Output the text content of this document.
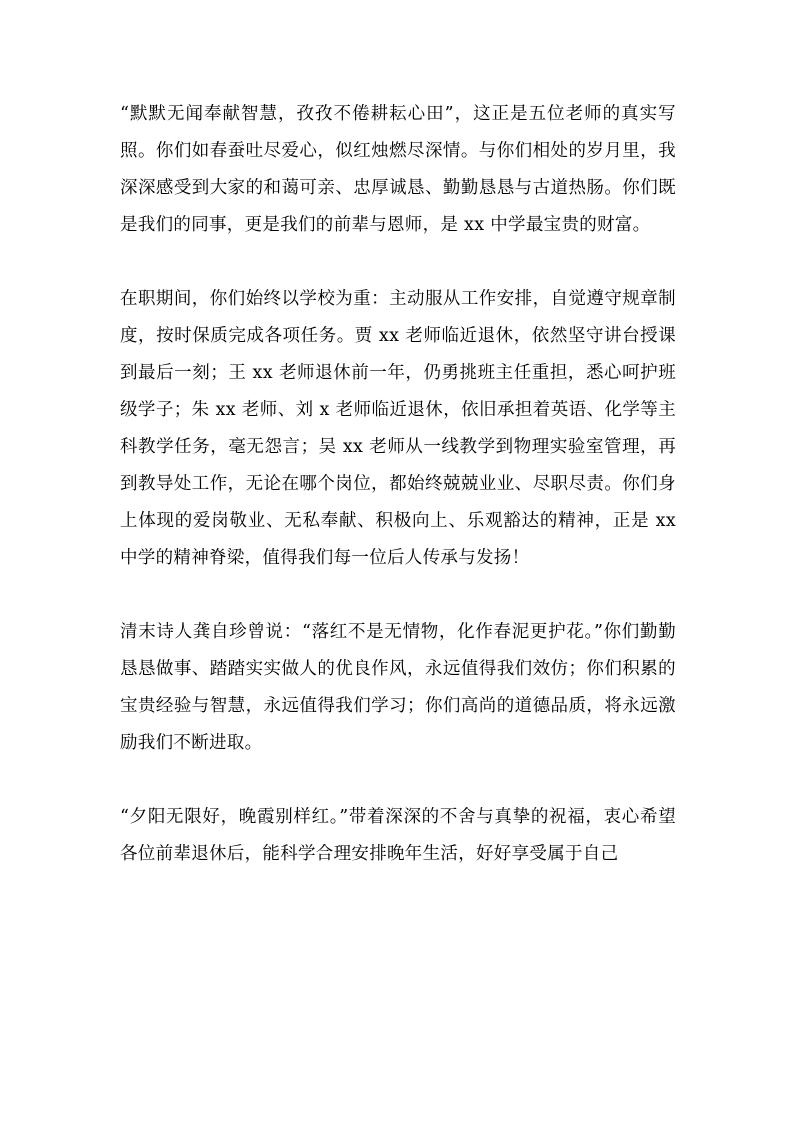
“默默无闻奉献智慧，孜孜不倦耕耘心田”，这正是五位老师的真实写照。你们如春蚕吐尽爱心，似红烛燃尽深情。与你们相处的岁月里，我深深感受到大家的和蔼可亲、忠厚诚恳、勤勤恳恳与古道热肠。你们既是我们的同事，更是我们的前辈与恩师，是 xx 中学最宝贵的财富。

在职期间，你们始终以学校为重：主动服从工作安排，自觉遵守规章制度，按时保质完成各项任务。贾 xx 老师临近退休，依然坚守讲台授课到最后一刻；王 xx 老师退休前一年，仍勇挑班主任重担，悉心呵护班级学子；朱 xx 老师、刘 x 老师临近退休，依旧承担着英语、化学等主科教学任务，毫无怨言；吴 xx 老师从一线教学到物理实验室管理，再到教导处工作，无论在哪个岗位，都始终兢兢业业、尽职尽责。你们身上体现的爱岗敬业、无私奉献、积极向上、乐观豁达的精神，正是 xx 中学的精神脊梁，值得我们每一位后人传承与发扬！

清末诗人龚自珍曾说：“落红不是无情物，化作春泥更护花。”你们勤勤恳恳做事、踏踏实实做人的优良作风，永远值得我们效仿；你们积累的宝贵经验与智慧，永远值得我们学习；你们高尚的道德品质，将永远激励我们不断进取。

“夕阳无限好，晚霞别样红。”带着深深的不舍与真挚的祝福，衷心希望各位前辈退休后，能科学合理安排晚年生活，好好享受属于自己
